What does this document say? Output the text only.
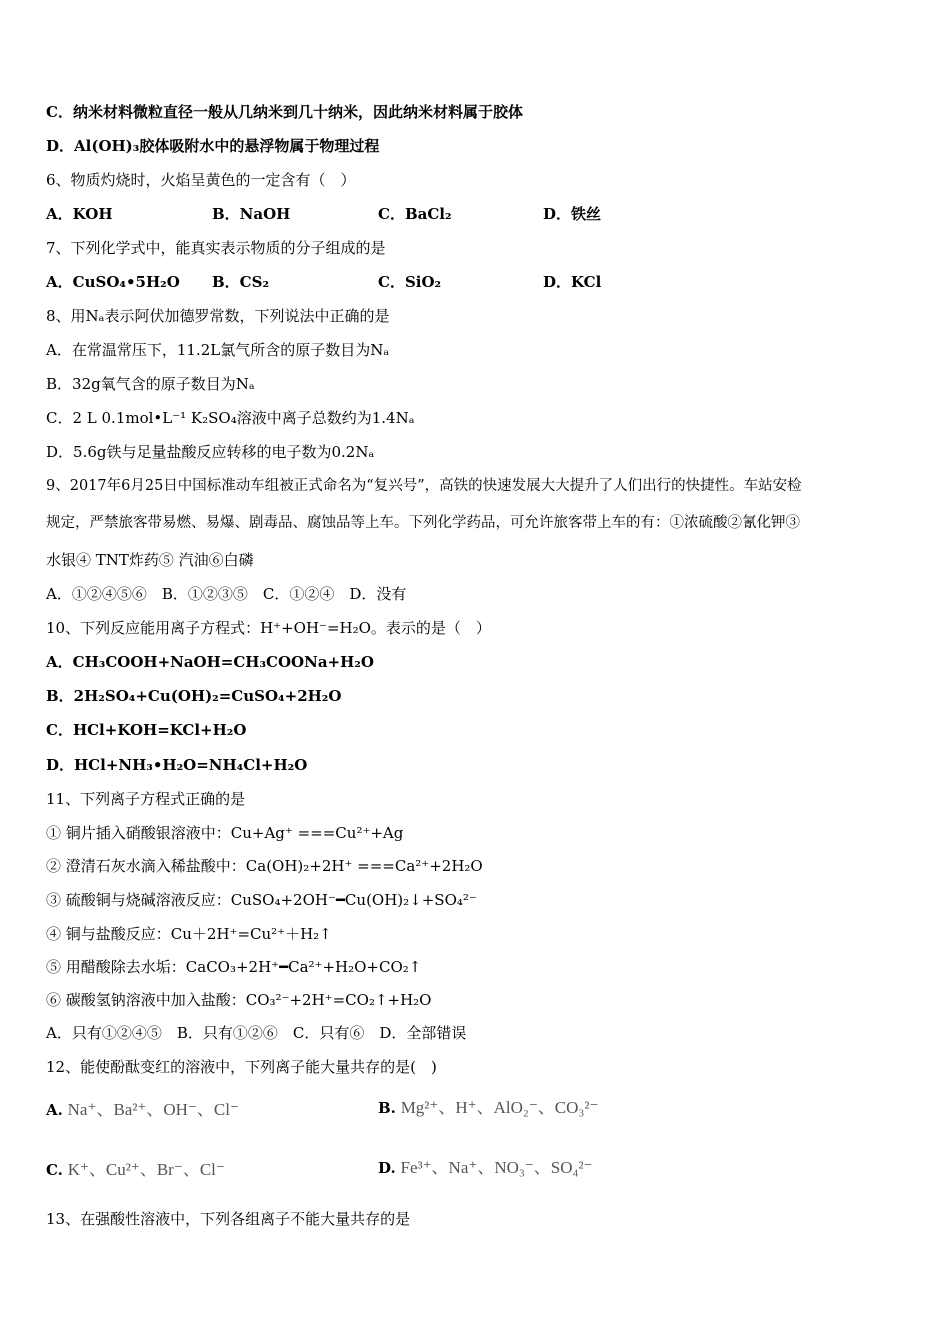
C．纳米材料微粒直径一般从几纳米到几十纳米，因此纳米材料属于胶体
D．Al(OH)₃胶体吸附水中的悬浮物属于物理过程
6、物质灼烧时，火焰呈黄色的一定含有（　）
A．KOH	B．NaOH	C．BaCl₂	D．铁丝
7、下列化学式中，能真实表示物质的分子组成的是
A．CuSO₄•5H₂O B．CS₂	C．SiO₂	D．KCl
8、用Nₐ表示阿伏加德罗常数，下列说法中正确的是
A．在常温常压下，11.2L氯气所含的原子数目为Nₐ
B．32g氧气含的原子数目为Nₐ
C．2 L 0.1mol•L⁻¹ K₂SO₄溶液中离子总数约为1.4Nₐ
D．5.6g铁与足量盐酸反应转移的电子数为0.2Nₐ
9、2017年6月25日中国标准动车组被正式命名为“复兴号”，高铁的快速发展大大提升了人们出行的快捷性。车站安检
规定，严禁旅客带易燃、易爆、剧毒品、腐蚀品等上车。下列化学药品，可允许旅客带上车的有：①浓硫酸②氰化钾③
水银④ TNT炸药⑤ 汽油⑥白磷
A．①②④⑤⑥　B．①②③⑤　C．①②④　D．没有
10、下列反应能用离子方程式：H⁺+OH⁻=H₂O。表示的是（　）
A．CH₃COOH+NaOH=CH₃COONa+H₂O
B．2H₂SO₄+Cu(OH)₂=CuSO₄+2H₂O
C．HCl+KOH=KCl+H₂O
D．HCl+NH₃•H₂O=NH₄Cl+H₂O
11、下列离子方程式正确的是
① 铜片插入硝酸银溶液中：Cu+Ag⁺ ===Cu²⁺+Ag
② 澄清石灰水滴入稀盐酸中：Ca(OH)₂+2H⁺ ===Ca²⁺+2H₂O
③ 硫酸铜与烧碱溶液反应：CuSO₄+2OH⁻━Cu(OH)₂↓+SO₄²⁻
④ 铜与盐酸反应：Cu＋2H⁺=Cu²⁺＋H₂↑
⑤ 用醋酸除去水垢：CaCO₃+2H⁺━Ca²⁺+H₂O+CO₂↑
⑥ 碳酸氢钠溶液中加入盐酸：CO₃²⁻+2H⁺=CO₂↑+H₂O
A．只有①②④⑤　B．只有①②⑥　C．只有⑥　D．全部错误
12、能使酚酞变红的溶液中，下列离子能大量共存的是(　)
A. Na⁺、Ba²⁺、OH⁻、Cl⁻	B. Mg²⁺、H⁺、AlO₂⁻、CO₃²⁻
C. K⁺、Cu²⁺、Br⁻、Cl⁻	D. Fe³⁺、Na⁺、NO₃⁻、SO₄²⁻
13、在强酸性溶液中，下列各组离子不能大量共存的是
